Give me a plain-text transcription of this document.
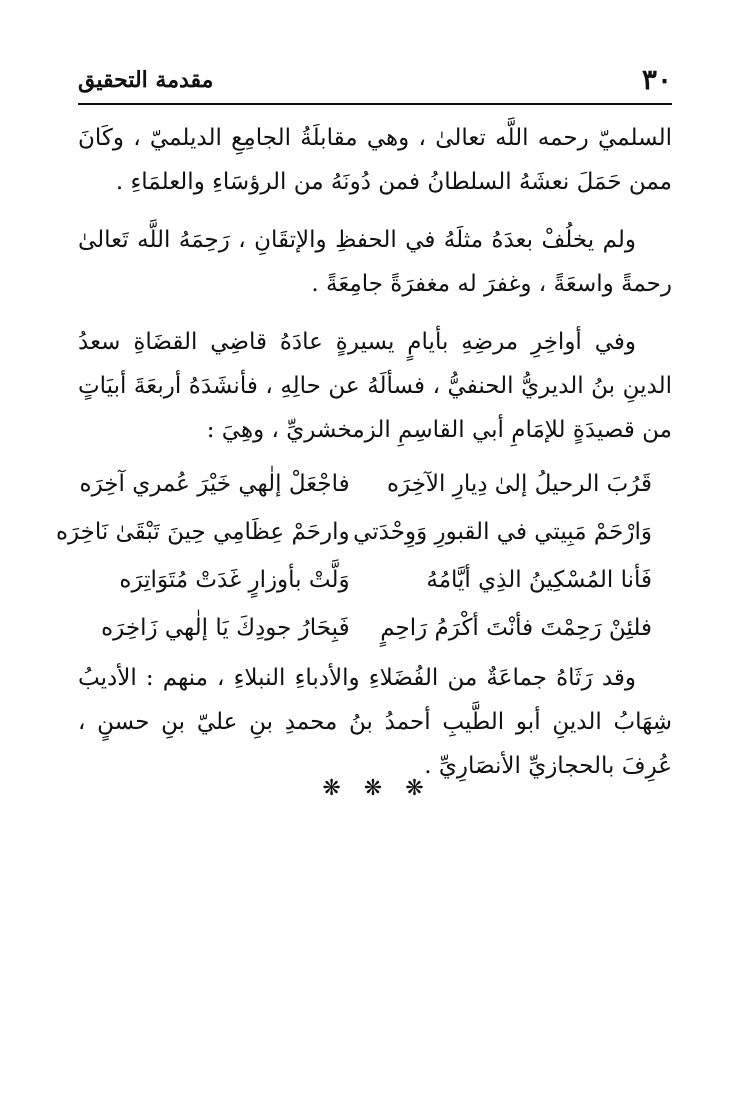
٣٠
مقدمة التحقيق

السلميّ رحمه اللَّه تعالىٰ ، وهي مقابلَةُ الجامِعِ الديلميّ ، وكَانَ ممن حَمَلَ نعشَهُ السلطانُ فمن دُونَهُ من الرؤسَاءِ والعلمَاءِ .

ولم يخلُفْ بعدَهُ مثلَهُ في الحفظِ والإتقَانِ ، رَحِمَهُ اللَّه تَعالىٰ رحمةً واسعَةً ، وغفرَ له مغفرَةً جامِعَةً .

وفي أواخِرِ مرضِهِ بأيامٍ يسيرةٍ عادَهُ قاضِي القضَاةِ سعدُ الدينِ بنُ الديريُّ الحنفيُّ ، فسألَهُ عن حالِهِ ، فأنشَدَهُ أربعَةَ أبيَاتٍ من قصيدَةٍ للإمَامِ أبي القاسِمِ الزمخشريِّ ، وهِيَ :

قَرُبَ الرحيلُ إلىٰ دِيارِ الآخِرَه
فاجْعَلْ إلٰهي خَيْرَ عُمري آخِرَه
وَارْحَمْ مَبِيتي في القبورِ وَوِحْدَتي
وارحَمْ عِظَامِي حِينَ تَبْقَىٰ نَاخِرَه
فَأنا المُسْكِينُ الذِي أيَّامُهُ
وَلَّتْ بأوزارٍ غَدَتْ مُتَوَاتِرَه
فلئِنْ رَحِمْتَ فأنْتَ أكْرَمُ رَاحِمٍ
فَبِحَارُ جودِكَ يَا إلٰهي زَاخِرَه

وقد رَثَاهُ جماعَةٌ من الفُضَلاءِ والأدباءِ النبلاءِ ، منهم : الأديبُ شِهَابُ الدينِ أبو الطَّيبِ أحمدُ بنُ محمدِ بنِ عليّ بنِ حسنٍ ، عُرِفَ بالحجازيِّ الأنصَارِيِّ .

❋ ❋ ❋
